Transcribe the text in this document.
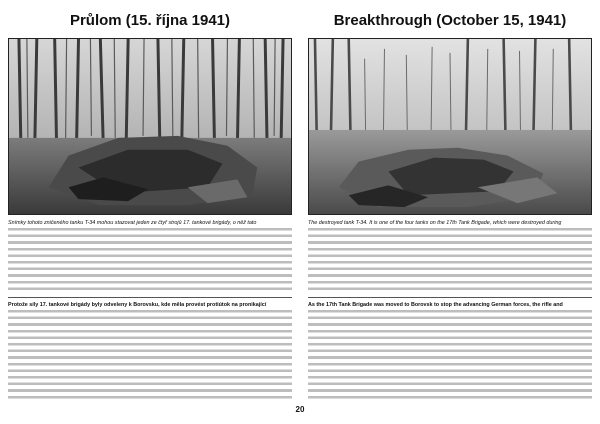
Průlom (15. října 1941)
Snímky tohoto zničeného tanku T-34 mohou stazovat jeden ze čtyř strojů 17. tankové brigády, o něž tato
Protože síly 17. tankové brigády byly odveleny k Borovsku, kde měla provést protiútok na pronikající
Breakthrough (October 15, 1941)
The destroyed tank T-34. It is one of the four tanks on the 17th Tank Brigade, which were destroyed during
As the 17th Tank Brigade was moved to Borovsk to stop the advancing German forces, the rifle and
20
